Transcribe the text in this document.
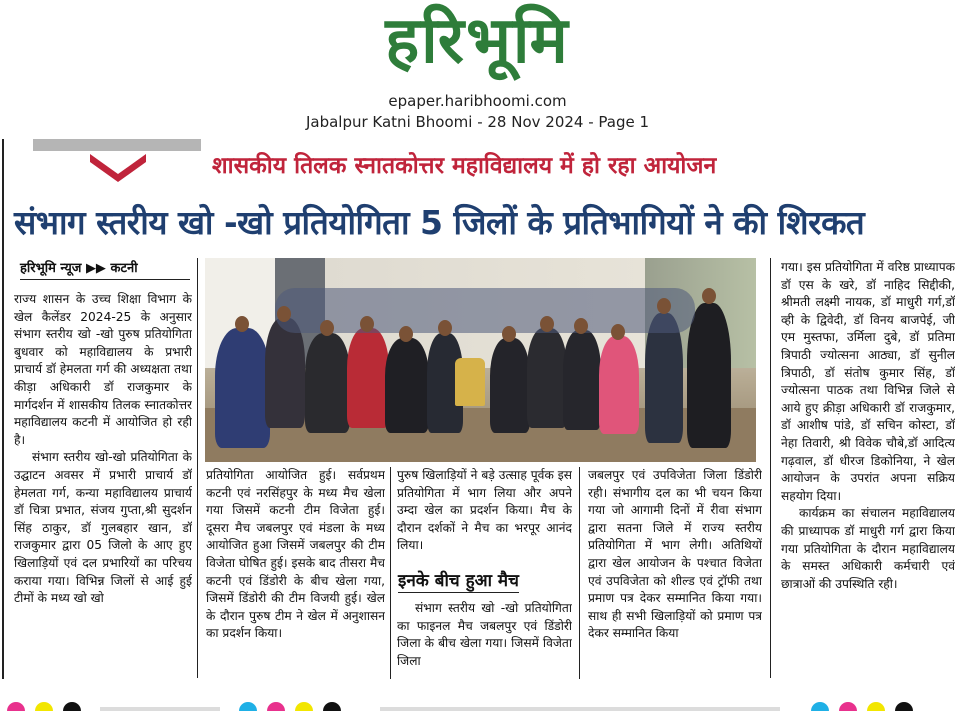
हरिभूमि
epaper.haribhoomi.com
Jabalpur Katni Bhoomi - 28 Nov 2024 - Page 1
शासकीय तिलक स्नातकोत्तर महाविद्यालय में हो रहा आयोजन
संभाग स्तरीय खो -खो प्रतियोगिता 5 जिलों के प्रतिभागियों ने की शिरकत
हरिभूमि न्यूज ▶▶ कटनी

राज्य शासन के उच्च शिक्षा विभाग के खेल कैलेंडर 2024-25 के अनुसार संभाग स्तरीय खो -खो पुरुष प्रतियोगिता बुधवार को महाविद्यालय के प्रभारी प्राचार्य डॉ हेमलता गर्ग की अध्यक्षता तथा कीड़ा अधिकारी डॉ राजकुमार के मार्गदर्शन में शासकीय तिलक स्नातकोत्तर महाविद्यालय कटनी में आयोजित हो रही है।

संभाग स्तरीय खो-खो प्रतियोगिता के उद्घाटन अवसर में प्रभारी प्राचार्य डॉ हेमलता गर्ग, कन्या महाविद्यालय प्राचार्य डॉ चित्रा प्रभात, संजय गुप्ता,श्री सुदर्शन सिंह ठाकुर, डॉ गुलबहार खान, डॉ राजकुमार द्वारा 05 जिलो के आए हुए खिलाड़ियों एवं दल प्रभारियों का परिचय कराया गया। विभिन्न जिलों से आई हुई टीमों के मध्य खो खो

प्रतियोगिता आयोजित हुई। सर्वप्रथम कटनी एवं नरसिंहपुर के मध्य मैच खेला गया जिसमें कटनी टीम विजेता हुई। दूसरा मैच जबलपुर एवं मंडला के मध्य आयोजित हुआ जिसमें जबलपुर की टीम विजेता घोषित हुई। इसके बाद तीसरा मैच कटनी एवं डिंडोरी के बीच खेला गया, जिसमें डिंडोरी की टीम विजयी हुई। खेल के दौरान पुरुष टीम ने खेल में अनुशासन का प्रदर्शन किया।

पुरुष खिलाड़ियों ने बड़े उत्साह पूर्वक इस प्रतियोगिता में भाग लिया और अपने उम्दा खेल का प्रदर्शन किया। मैच के दौरान दर्शकों ने मैच का भरपूर आनंद लिया।

इनके बीच हुआ मैच

संभाग स्तरीय खो -खो प्रतियोगिता का फाइनल मैच जबलपुर एवं डिंडोरी जिला के बीच खेला गया। जिसमें विजेता जिला

जबलपुर एवं उपविजेता जिला डिंडोरी रही। संभागीय दल का भी चयन किया गया जो आगामी दिनों में रीवा संभाग द्वारा सतना जिले में राज्य स्तरीय प्रतियोगिता में भाग लेगी। अतिथियों द्वारा खेल आयोजन के पश्चात विजेता एवं उपविजेता को शील्ड एवं ट्रॉफी तथा प्रमाण पत्र देकर सम्मानित किया गया। साथ ही सभी खिलाड़ियों को प्रमाण पत्र देकर सम्मानित किया

गया। इस प्रतियोगिता में वरिष्ठ प्राध्यापक डॉ एस के खरे, डॉ नाहिद सिद्दीकी, श्रीमती लक्ष्मी नायक, डॉ माधुरी गर्ग,डॉ व्ही के द्विवेदी, डॉ विनय बाजपेई, जी एम मुस्तफा, उर्मिला दुबे, डॉ प्रतिमा त्रिपाठी ज्योत्सना आठ्या, डॉ सुनील त्रिपाठी, डॉ संतोष कुमार सिंह, डॉ ज्योत्सना पाठक तथा विभिन्न जिले से आये हुए क्रीड़ा अधिकारी डॉ राजकुमार, डॉ आशीष पांडे, डॉ सचिन कोस्टा, डॉ नेहा तिवारी, श्री विवेक चौबे,डॉ आदित्य गढ़वाल, डॉ धीरज डिकोनिया, ने खेल आयोजन के उपरांत अपना सक्रिय सहयोग दिया।

कार्यक्रम का संचालन महाविद्यालय की प्राध्यापक डॉ माधुरी गर्ग द्वारा किया गया प्रतियोगिता के दौरान महाविद्यालय के समस्त अधिकारी कर्मचारी एवं छात्राओं की उपस्थिति रही।
